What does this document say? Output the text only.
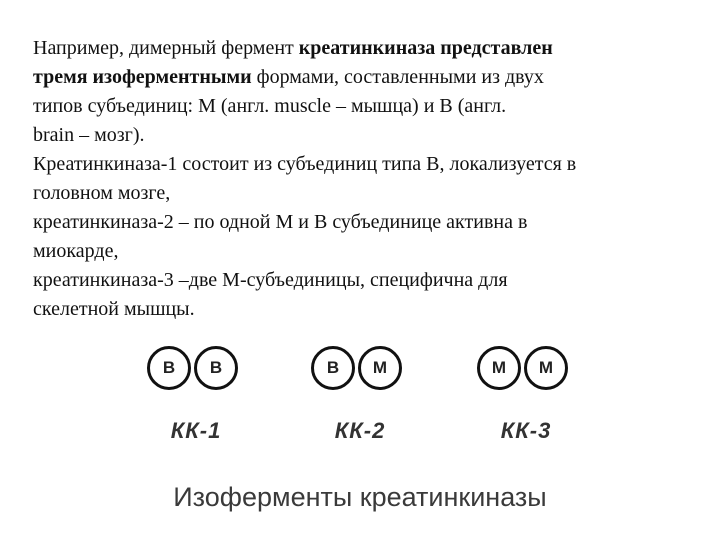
Например, димерный фермент креатинкиназа представлен
тремя изоферментными формами, составленными из двух
типов субъединиц: M (англ. muscle – мышца) и B (англ.
brain – мозг).
Креатинкиназа-1 состоит из субъединиц типа В, локализуется в
головном мозге,
креатинкиназа-2 – по одной М и В субъединице активна в
миокарде,
креатинкиназа-3 –две М-субъединицы, специфична для
скелетной мышцы.
B	B
КК-1
B	M
КК-2
M	M
КК-3
Изоферменты креатинкиназы
